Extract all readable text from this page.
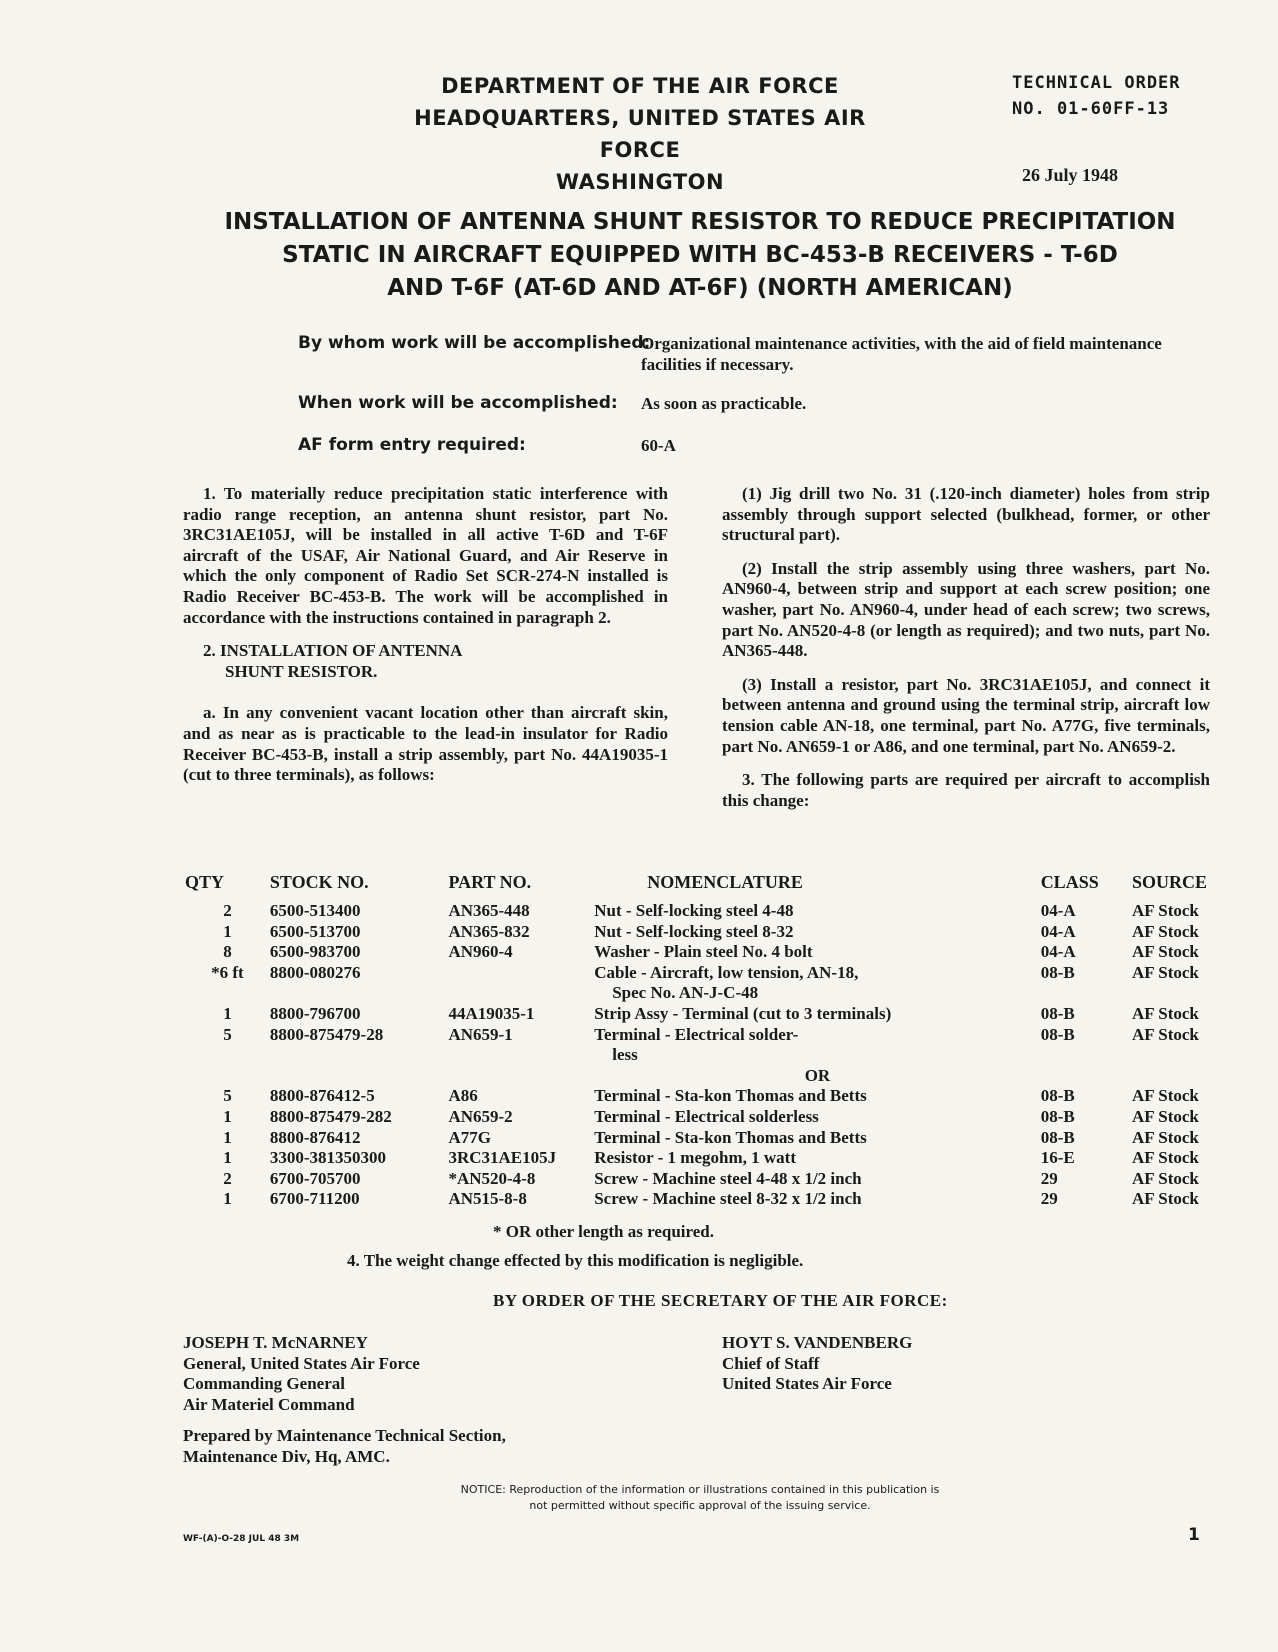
DEPARTMENT OF THE AIR FORCE
HEADQUARTERS, UNITED STATES AIR FORCE
WASHINGTON
TECHNICAL ORDER
NO. 01-60FF-13
26 July 1948
INSTALLATION OF ANTENNA SHUNT RESISTOR TO REDUCE PRECIPITATION
STATIC IN AIRCRAFT EQUIPPED WITH BC-453-B RECEIVERS - T-6D
AND T-6F (AT-6D AND AT-6F) (NORTH AMERICAN)
By whom work will be accomplished:
Organizational maintenance activities, with the aid of field maintenance facilities if necessary.
When work will be accomplished: As soon as practicable.
AF form entry required:	60-A

1. To materially reduce precipitation static interference with radio range reception, an antenna shunt resistor, part No. 3RC31AE105J, will be installed in all active T-6D and T-6F aircraft of the USAF, Air National Guard, and Air Reserve in which the only component of Radio Set SCR-274-N installed is Radio Receiver BC-453-B. The work will be accomplished in accordance with the instructions contained in paragraph 2.

2. INSTALLATION OF ANTENNA
SHUNT RESISTOR.

a. In any convenient vacant location other than aircraft skin, and as near as is practicable to the lead-in insulator for Radio Receiver BC-453-B, install a strip assembly, part No. 44A19035-1 (cut to three terminals), as follows:

(1) Jig drill two No. 31 (.120-inch diameter) holes from strip assembly through support selected (bulkhead, former, or other structural part).

(2) Install the strip assembly using three washers, part No. AN960-4, between strip and support at each screw position; one washer, part No. AN960-4, under head of each screw; two screws, part No. AN520-4-8 (or length as required); and two nuts, part No. AN365-448.

(3) Install a resistor, part No. 3RC31AE105J, and connect it between antenna and ground using the terminal strip, aircraft low tension cable AN-18, one terminal, part No. A77G, five terminals, part No. AN659-1 or A86, and one terminal, part No. AN659-2.

3. The following parts are required per aircraft to accomplish this change:

QTY	STOCK NO.	PART NO.	NOMENCLATURE	CLASS	SOURCE
2	6500-513400	AN365-448	Nut - Self-locking steel 4-48	04-A	AF Stock
1	6500-513700	AN365-832	Nut - Self-locking steel 8-32	04-A	AF Stock
8	6500-983700	AN960-4	Washer - Plain steel No. 4 bolt	04-A	AF Stock
*6 ft	8800-080276		Cable - Aircraft, low tension, AN-18,	08-B	AF Stock
			Spec No. AN-J-C-48		
1	8800-796700	44A19035-1	Strip Assy - Terminal (cut to 3 terminals)	08-B	AF Stock
5	8800-875479-28	AN659-1	Terminal - Electrical solder-	08-B	AF Stock
			less		
			OR		
5	8800-876412-5	A86	Terminal - Sta-kon Thomas and Betts	08-B	AF Stock
1	8800-875479-282	AN659-2	Terminal - Electrical solderless	08-B	AF Stock
1	8800-876412	A77G	Terminal - Sta-kon Thomas and Betts	08-B	AF Stock
1	3300-381350300	3RC31AE105J	Resistor - 1 megohm, 1 watt	16-E	AF Stock
2	6700-705700	*AN520-4-8	Screw - Machine steel 4-48 x 1/2 inch	29	AF Stock
1	6700-711200	AN515-8-8	Screw - Machine steel 8-32 x 1/2 inch	29	AF Stock
* OR other length as required.
4. The weight change effected by this modification is negligible.
BY ORDER OF THE SECRETARY OF THE AIR FORCE:
JOSEPH T. McNARNEY
General, United States Air Force
Commanding General
Air Materiel Command
HOYT S. VANDENBERG
Chief of Staff
United States Air Force
Prepared by Maintenance Technical Section,
Maintenance Div, Hq, AMC.
NOTICE: Reproduction of the information or illustrations contained in this publication is not permitted without specific approval of the issuing service.
WF-(A)-O-28 JUL 48 3M	1
